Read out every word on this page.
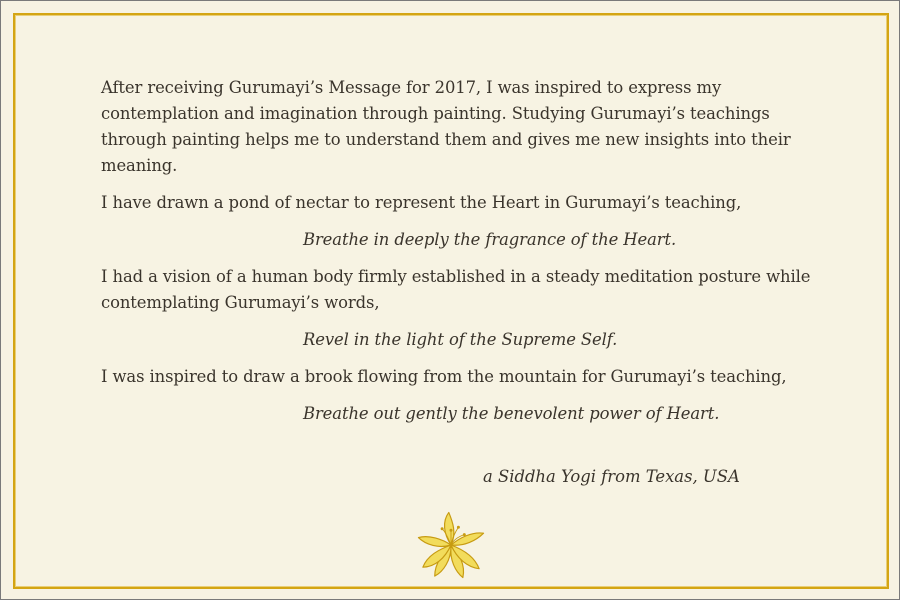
After receiving Gurumayi’s Message for 2017, I was inspired to express my contemplation and imagination through painting. Studying Gurumayi’s teachings through painting helps me to understand them and gives me new insights into their meaning.

I have drawn a pond of nectar to represent the Heart in Gurumayi’s teaching,

Breathe in deeply the fragrance of the Heart.

I had a vision of a human body firmly established in a steady meditation posture while contemplating Gurumayi’s words,

Revel in the light of the Supreme Self.

I was inspired to draw a brook flowing from the mountain for Gurumayi’s teaching,

Breathe out gently the benevolent power of Heart.

a Siddha Yogi from Texas, USA
